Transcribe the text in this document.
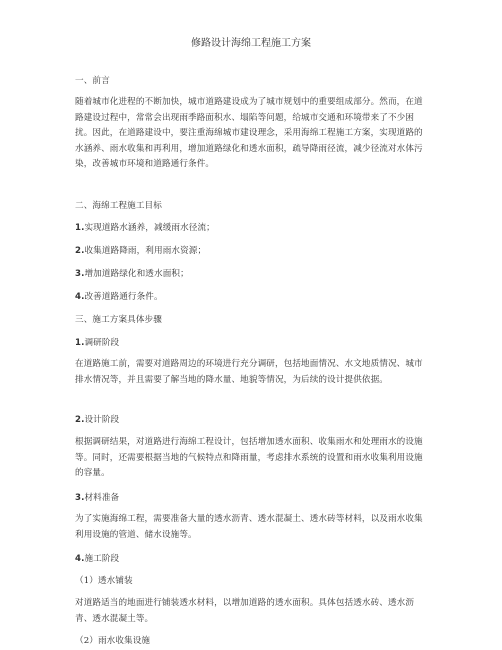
修路设计海绵工程施工方案
一、前言
随着城市化进程的不断加快，城市道路建设成为了城市规划中的重要组成部分。然而，在道路建设过程中，常常会出现雨季路面积水、塌陷等问题，给城市交通和环境带来了不少困扰。因此，在道路建设中，要注重海绵城市建设理念，采用海绵工程施工方案，实现道路的水涵养、雨水收集和再利用，增加道路绿化和透水面积，疏导降雨径流，减少径流对水体污染，改善城市环境和道路通行条件。
二、海绵工程施工目标
1.实现道路水涵养，减缓雨水径流；
2.收集道路降雨，利用雨水资源；
3.增加道路绿化和透水面积；
4.改善道路通行条件。
三、施工方案具体步骤
1.调研阶段
在道路施工前，需要对道路周边的环境进行充分调研，包括地面情况、水文地质情况、城市排水情况等，并且需要了解当地的降水量、地貌等情况，为后续的设计提供依据。
2.设计阶段
根据调研结果，对道路进行海绵工程设计，包括增加透水面积、收集雨水和处理雨水的设施等。同时，还需要根据当地的气候特点和降雨量，考虑排水系统的设置和雨水收集利用设施的容量。
3.材料准备
为了实施海绵工程，需要准备大量的透水沥青、透水混凝土、透水砖等材料，以及雨水收集利用设施的管道、储水设施等。
4.施工阶段
（1）透水铺装
对道路适当的地面进行铺装透水材料，以增加道路的透水面积。具体包括透水砖、透水沥青、透水混凝土等。
（2）雨水收集设施
